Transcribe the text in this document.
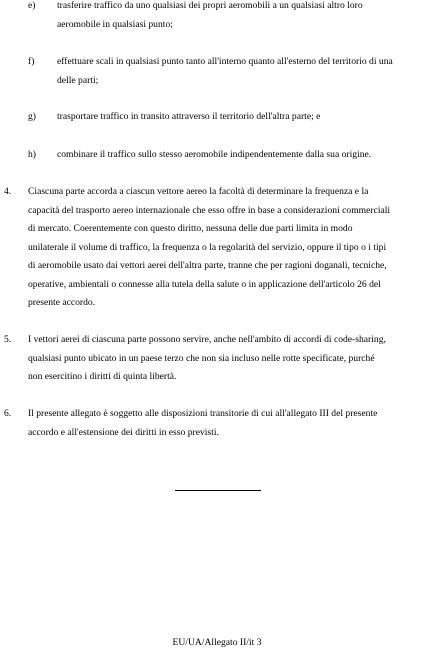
e) trasferire traffico da uno qualsiasi dei propri aeromobili a un qualsiasi altro loro
aeromobile in qualsiasi punto;
f) effettuare scali in qualsiasi punto tanto all'interno quanto all'esterno del territorio di una
delle parti;
g) trasportare traffico in transito attraverso il territorio dell'altra parte; e
h) combinare il traffico sullo stesso aeromobile indipendentemente dalla sua origine.
4. Ciascuna parte accorda a ciascun vettore aereo la facoltà di determinare la frequenza e la
capacità del trasporto aereo internazionale che esso offre in base a considerazioni commerciali
di mercato. Coerentemente con questo diritto, nessuna delle due parti limita in modo
unilaterale il volume di traffico, la frequenza o la regolarità del servizio, oppure il tipo o i tipi
di aeromobile usato dai vettori aerei dell'altra parte, tranne che per ragioni doganali, tecniche,
operative, ambientali o connesse alla tutela della salute o in applicazione dell'articolo 26 del
presente accordo.
5. I vettori aerei di ciascuna parte possono servire, anche nell'ambito di accordi di code-sharing,
qualsiasi punto ubicato in un paese terzo che non sia incluso nelle rotte specificate, purché
non esercitino i diritti di quinta libertà.
6. Il presente allegato è soggetto alle disposizioni transitorie di cui all'allegato III del presente
accordo e all'estensione dei diritti in esso previsti.
EU/UA/Allegato II/it 3
